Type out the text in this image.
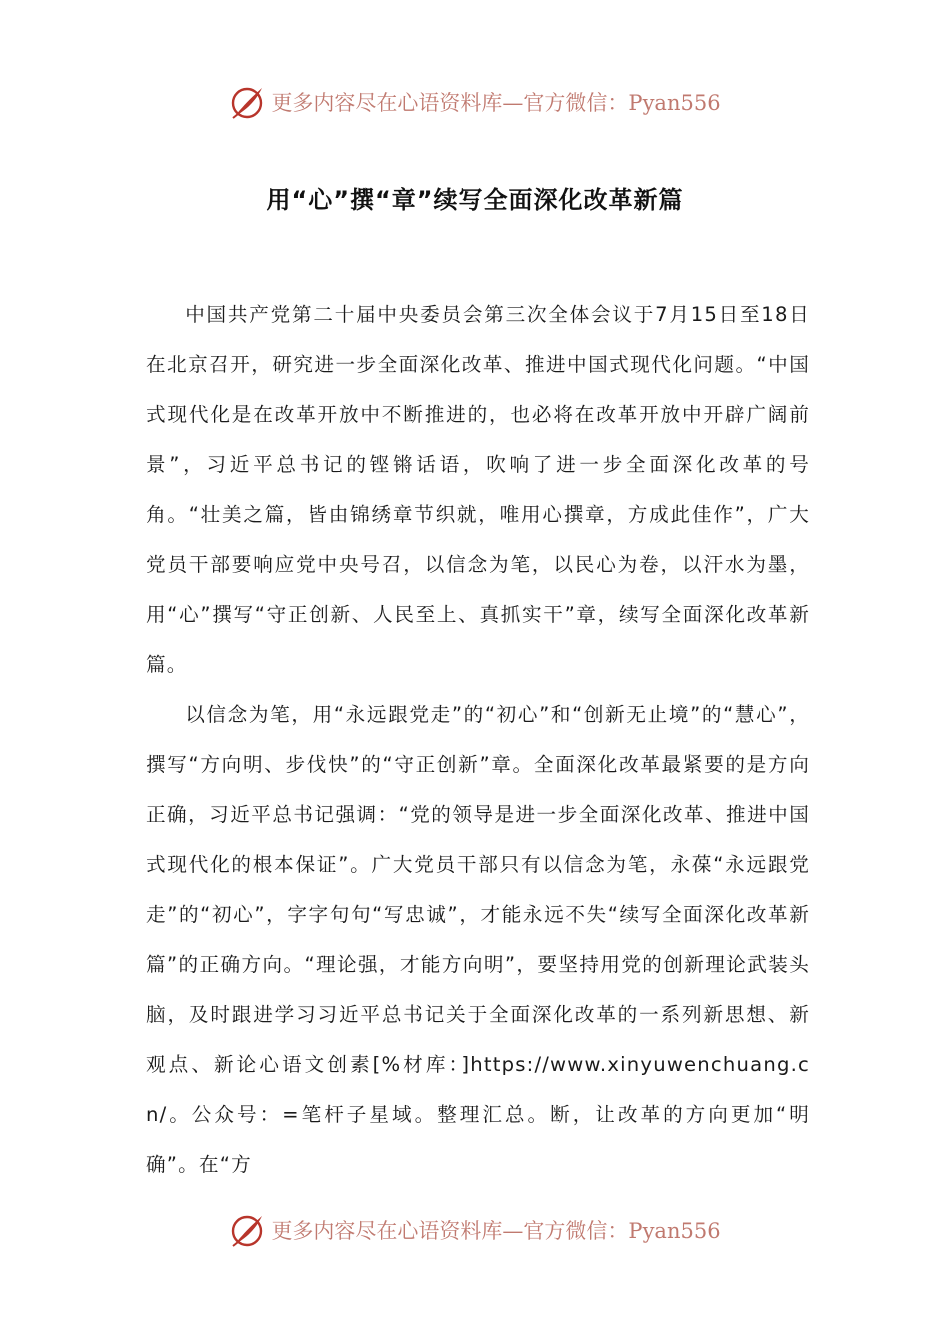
更多内容尽在心语资料库—官方微信：Pyan556
用“心”撰“章”续写全面深化改革新篇

中国共产党第二十届中央委员会第三次全体会议于7月15日至18日在北京召开，研究进一步全面深化改革、推进中国式现代化问题。“中国式现代化是在改革开放中不断推进的，也必将在改革开放中开辟广阔前景”，习近平总书记的铿锵话语，吹响了进一步全面深化改革的号角。“壮美之篇，皆由锦绣章节织就，唯用心撰章，方成此佳作”，广大党员干部要响应党中央号召，以信念为笔，以民心为卷，以汗水为墨，用“心”撰写“守正创新、人民至上、真抓实干”章，续写全面深化改革新篇。

以信念为笔，用“永远跟党走”的“初心”和“创新无止境”的“慧心”，撰写“方向明、步伐快”的“守正创新”章。全面深化改革最紧要的是方向正确，习近平总书记强调：“党的领导是进一步全面深化改革、推进中国式现代化的根本保证”。广大党员干部只有以信念为笔，永葆“永远跟党走”的“初心”，字字句句“写忠诚”，才能永远不失“续写全面深化改革新篇”的正确方向。“理论强，才能方向明”，要坚持用党的创新理论武装头脑，及时跟进学习习近平总书记关于全面深化改革的一系列新思想、新观点、新论心语文创素[%材库：]https://www.xinyuwenchuang.cn/。公众号：=笔杆子星域。整理汇总。断，让改革的方向更加“明确”。在“方

更多内容尽在心语资料库—官方微信：Pyan556
